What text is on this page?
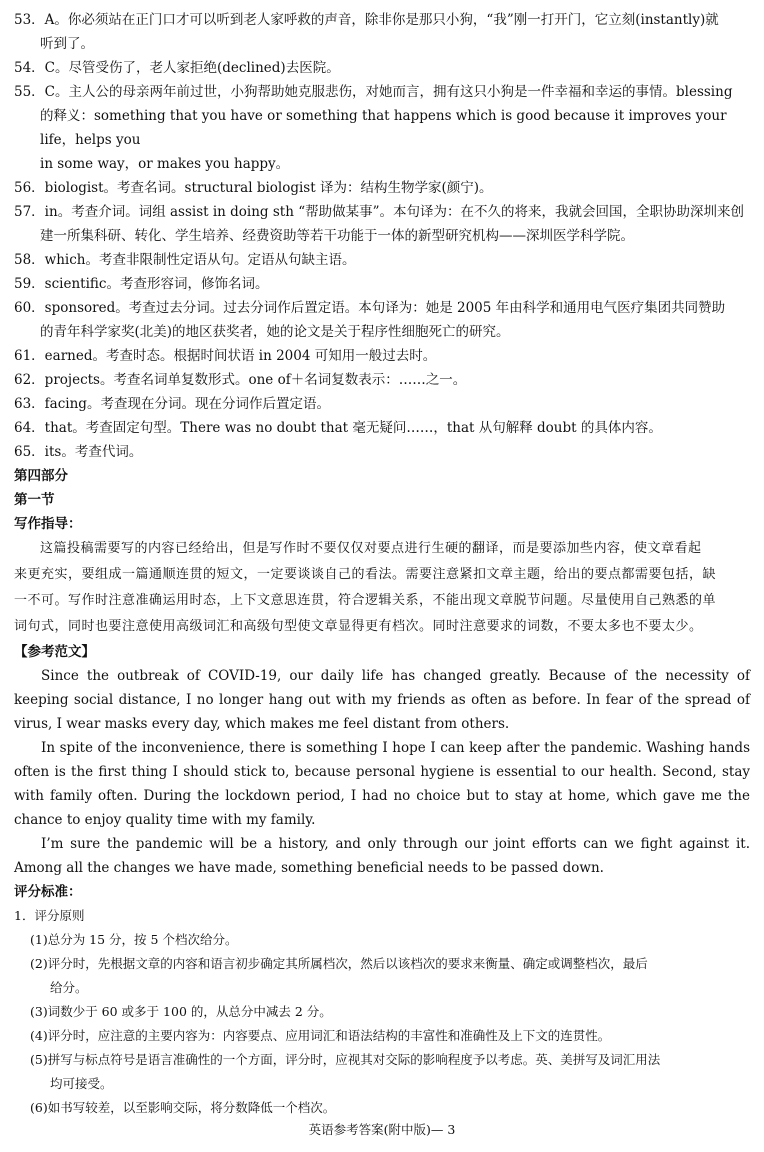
53．A。你必须站在正门口才可以听到老人家呼救的声音，除非你是那只小狗，“我”刚一打开门，它立刻(instantly)就

听到了。

54．C。尽管受伤了，老人家拒绝(declined)去医院。

55．C。主人公的母亲两年前过世，小狗帮助她克服悲伤，对她而言，拥有这只小狗是一件幸福和幸运的事情。blessing

的释义：something that you have or something that happens which is good because it improves your life，helps you

in some way，or makes you happy。

56．biologist。考查名词。structural biologist 译为：结构生物学家(颜宁)。

57．in。考查介词。词组 assist in doing sth “帮助做某事”。本句译为：在不久的将来，我就会回国，全职协助深圳来创

建一所集科研、转化、学生培养、经费资助等若干功能于一体的新型研究机构——深圳医学科学院。

58．which。考查非限制性定语从句。定语从句缺主语。

59．scientific。考查形容词，修饰名词。

60．sponsored。考查过去分词。过去分词作后置定语。本句译为：她是 2005 年由科学和通用电气医疗集团共同赞助

的青年科学家奖(北美)的地区获奖者，她的论文是关于程序性细胞死亡的研究。

61．earned。考查时态。根据时间状语 in 2004 可知用一般过去时。

62．projects。考查名词单复数形式。one of＋名词复数表示：……之一。

63．facing。考查现在分词。现在分词作后置定语。

64．that。考查固定句型。There was no doubt that 毫无疑问……，that 从句解释 doubt 的具体内容。

65．its。考查代词。

第四部分

第一节

写作指导：

这篇投稿需要写的内容已经给出，但是写作时不要仅仅对要点进行生硬的翻译，而是要添加些内容，使文章看起

来更充实，要组成一篇通顺连贯的短文，一定要谈谈自己的看法。需要注意紧扣文章主题，给出的要点都需要包括，缺

一不可。写作时注意准确运用时态，上下文意思连贯，符合逻辑关系，不能出现文章脱节问题。尽量使用自己熟悉的单

词句式，同时也要注意使用高级词汇和高级句型使文章显得更有档次。同时注意要求的词数，不要太多也不要太少。

【参考范文】

Since the outbreak of COVID-19, our daily life has changed greatly. Because of the necessity of keeping social distance, I no longer hang out with my friends as often as before. In fear of the spread of virus, I wear masks every day, which makes me feel distant from others.

In spite of the inconvenience, there is something I hope I can keep after the pandemic. Washing hands often is the first thing I should stick to, because personal hygiene is essential to our health. Second, stay with family often. During the lockdown period, I had no choice but to stay at home, which gave me the chance to enjoy quality time with my family.

I’m sure the pandemic will be a history, and only through our joint efforts can we fight against it. Among all the changes we have made, something beneficial needs to be passed down.

评分标准：

1．评分原则

(1)总分为 15 分，按 5 个档次给分。

(2)评分时，先根据文章的内容和语言初步确定其所属档次，然后以该档次的要求来衡量、确定或调整档次，最后

给分。

(3)词数少于 60 或多于 100 的，从总分中减去 2 分。

(4)评分时，应注意的主要内容为：内容要点、应用词汇和语法结构的丰富性和准确性及上下文的连贯性。

(5)拼写与标点符号是语言准确性的一个方面，评分时，应视其对交际的影响程度予以考虑。英、美拼写及词汇用法

均可接受。

(6)如书写较差，以至影响交际，将分数降低一个档次。

英语参考答案(附中版)— 3
